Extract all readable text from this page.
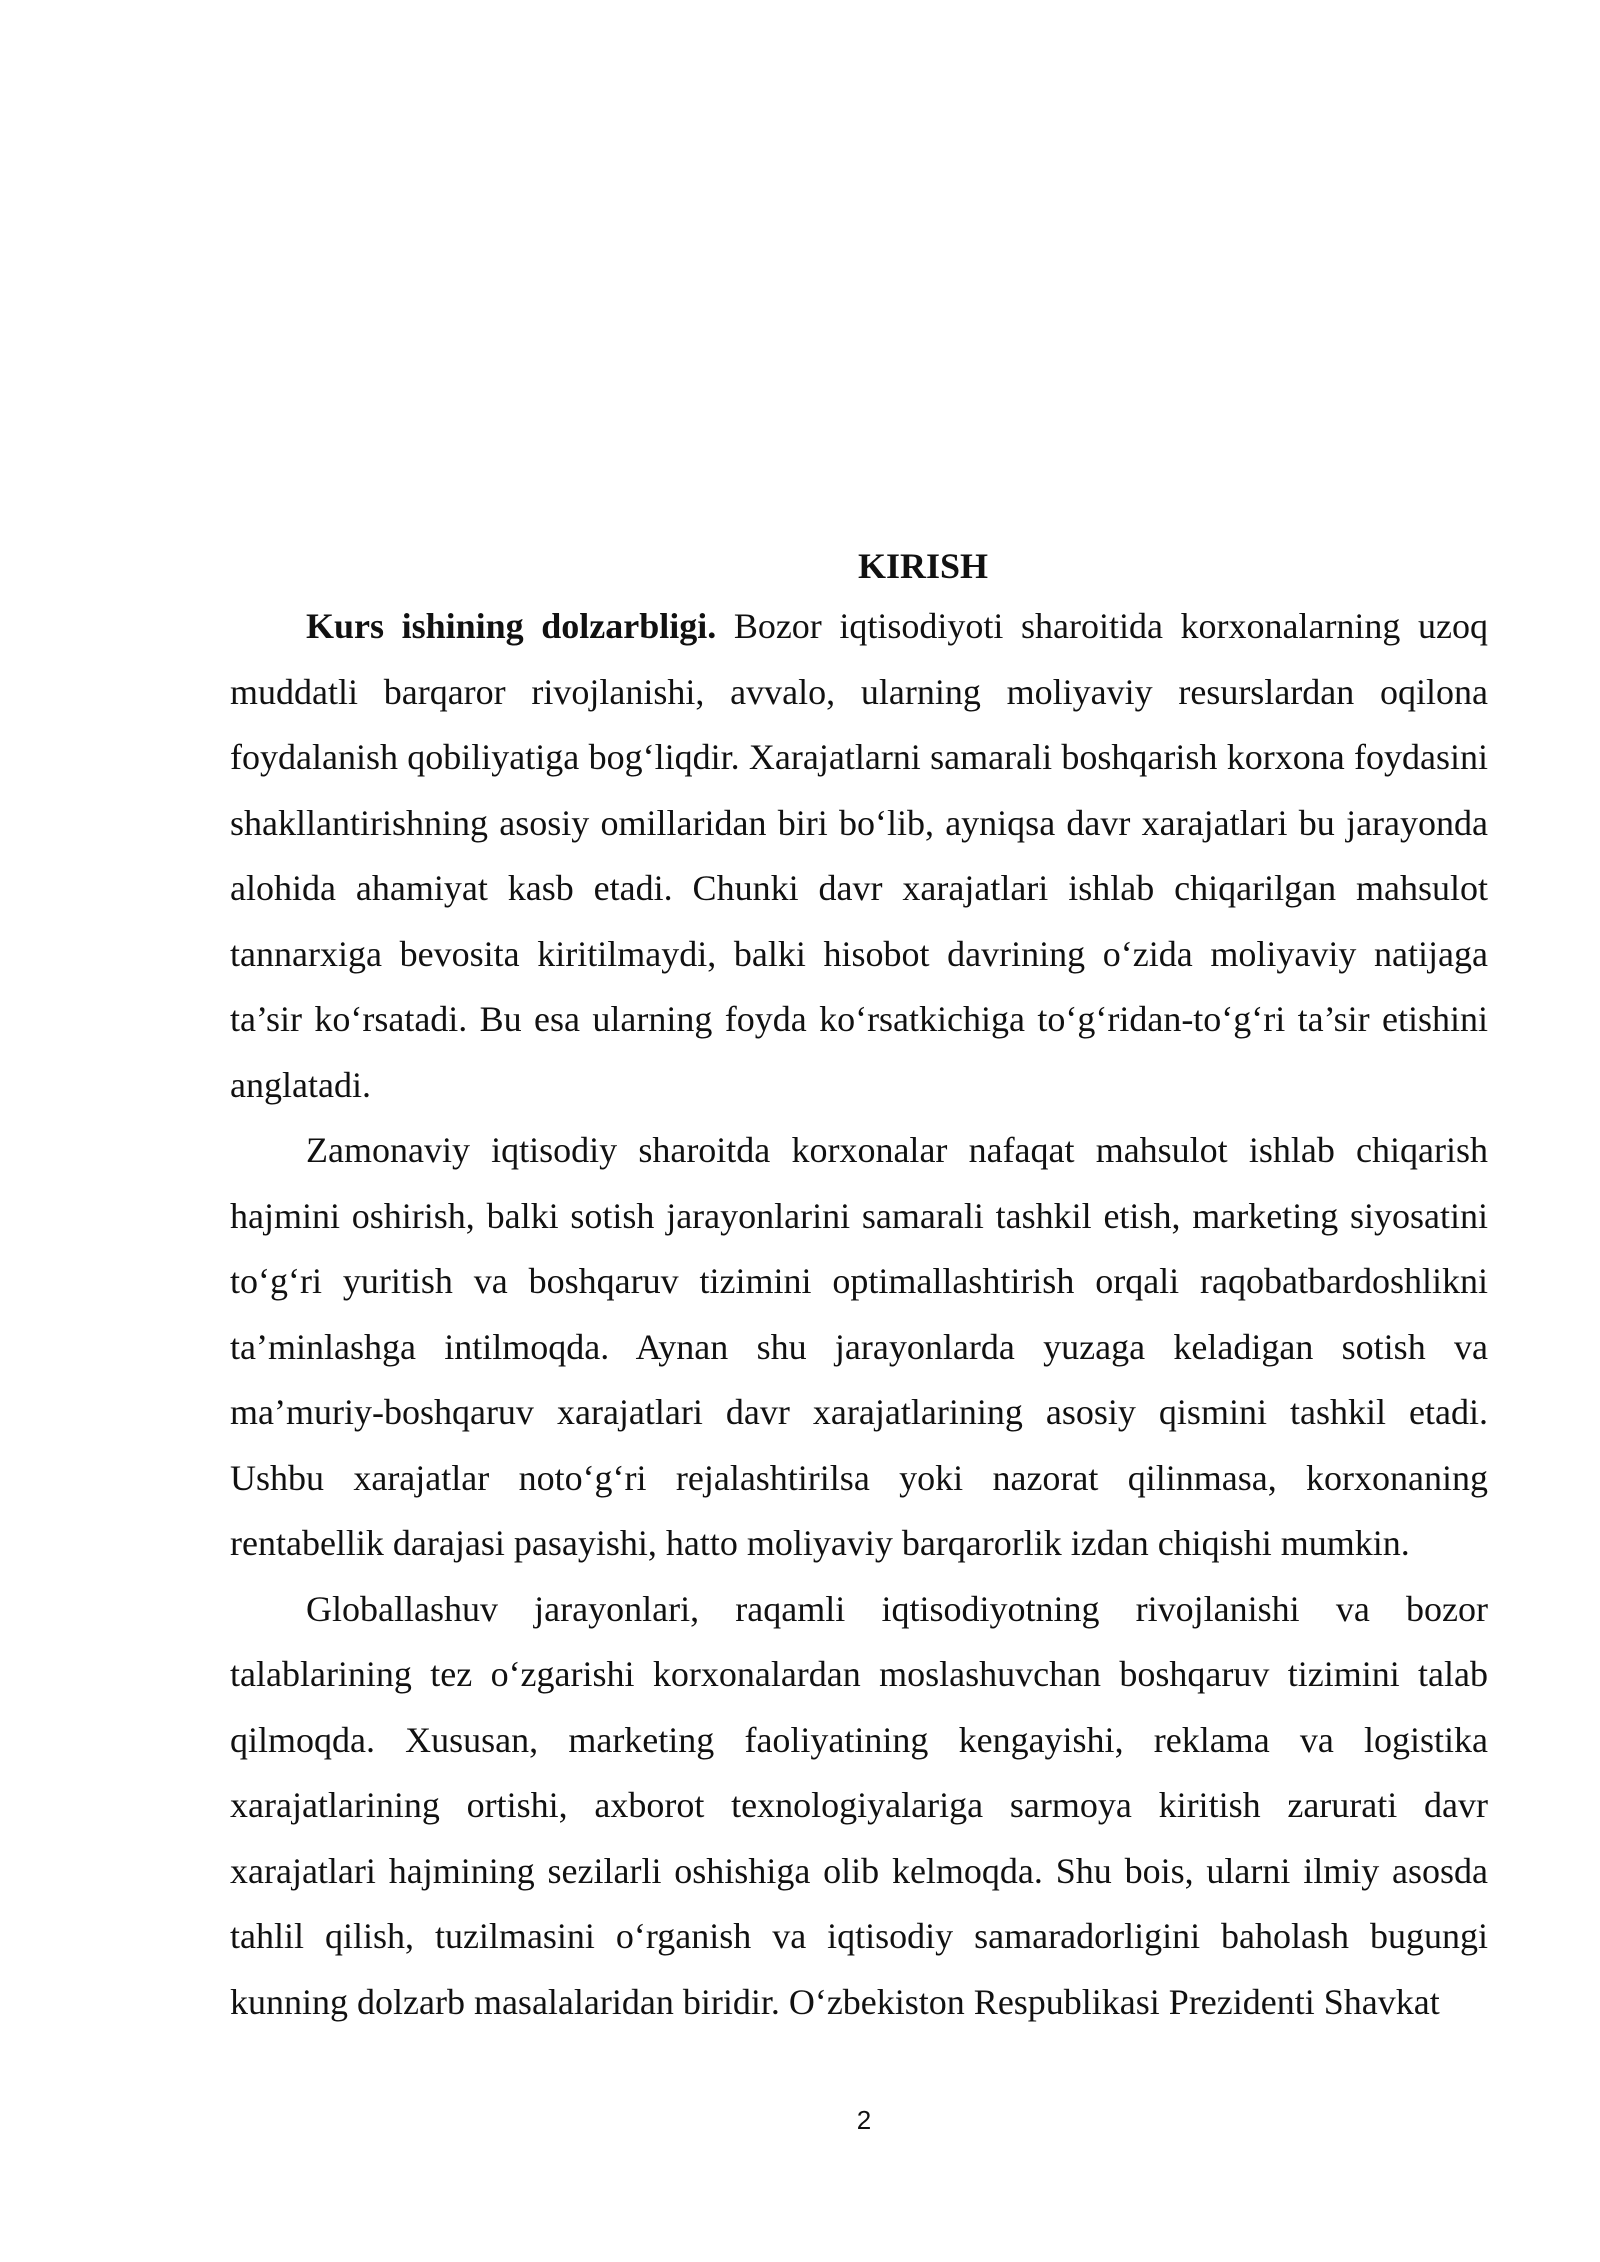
KIRISH

Kurs ishining dolzarbligi. Bozor iqtisodiyoti sharoitida korxonalarning uzoq muddatli barqaror rivojlanishi, avvalo, ularning moliyaviy resurslardan oqilona foydalanish qobiliyatiga bog‘liqdir. Xarajatlarni samarali boshqarish korxona foydasini shakllantirishning asosiy omillaridan biri bo‘lib, ayniqsa davr xarajatlari bu jarayonda alohida ahamiyat kasb etadi. Chunki davr xarajatlari ishlab chiqarilgan mahsulot tannarxiga bevosita kiritilmaydi, balki hisobot davrining o‘zida moliyaviy natijaga ta’sir ko‘rsatadi. Bu esa ularning foyda ko‘rsatkichiga to‘g‘ridan-to‘g‘ri ta’sir etishini anglatadi.

Zamonaviy iqtisodiy sharoitda korxonalar nafaqat mahsulot ishlab chiqarish hajmini oshirish, balki sotish jarayonlarini samarali tashkil etish, marketing siyosatini to‘g‘ri yuritish va boshqaruv tizimini optimallashtirish orqali raqobatbardoshlikni ta’minlashga intilmoqda. Aynan shu jarayonlarda yuzaga keladigan sotish va ma’muriy-boshqaruv xarajatlari davr xarajatlarining asosiy qismini tashkil etadi. Ushbu xarajatlar noto‘g‘ri rejalashtirilsa yoki nazorat qilinmasa, korxonaning rentabellik darajasi pasayishi, hatto moliyaviy barqarorlik izdan chiqishi mumkin.

Globallashuv jarayonlari, raqamli iqtisodiyotning rivojlanishi va bozor talablarining tez o‘zgarishi korxonalardan moslashuvchan boshqaruv tizimini talab qilmoqda. Xususan, marketing faoliyatining kengayishi, reklama va logistika xarajatlarining ortishi, axborot texnologiyalariga sarmoya kiritish zarurati davr xarajatlari hajmining sezilarli oshishiga olib kelmoqda. Shu bois, ularni ilmiy asosda tahlil qilish, tuzilmasini o‘rganish va iqtisodiy samaradorligini baholash bugungi kunning dolzarb masalalaridan biridir. O‘zbekiston Respublikasi Prezidenti Shavkat

2
